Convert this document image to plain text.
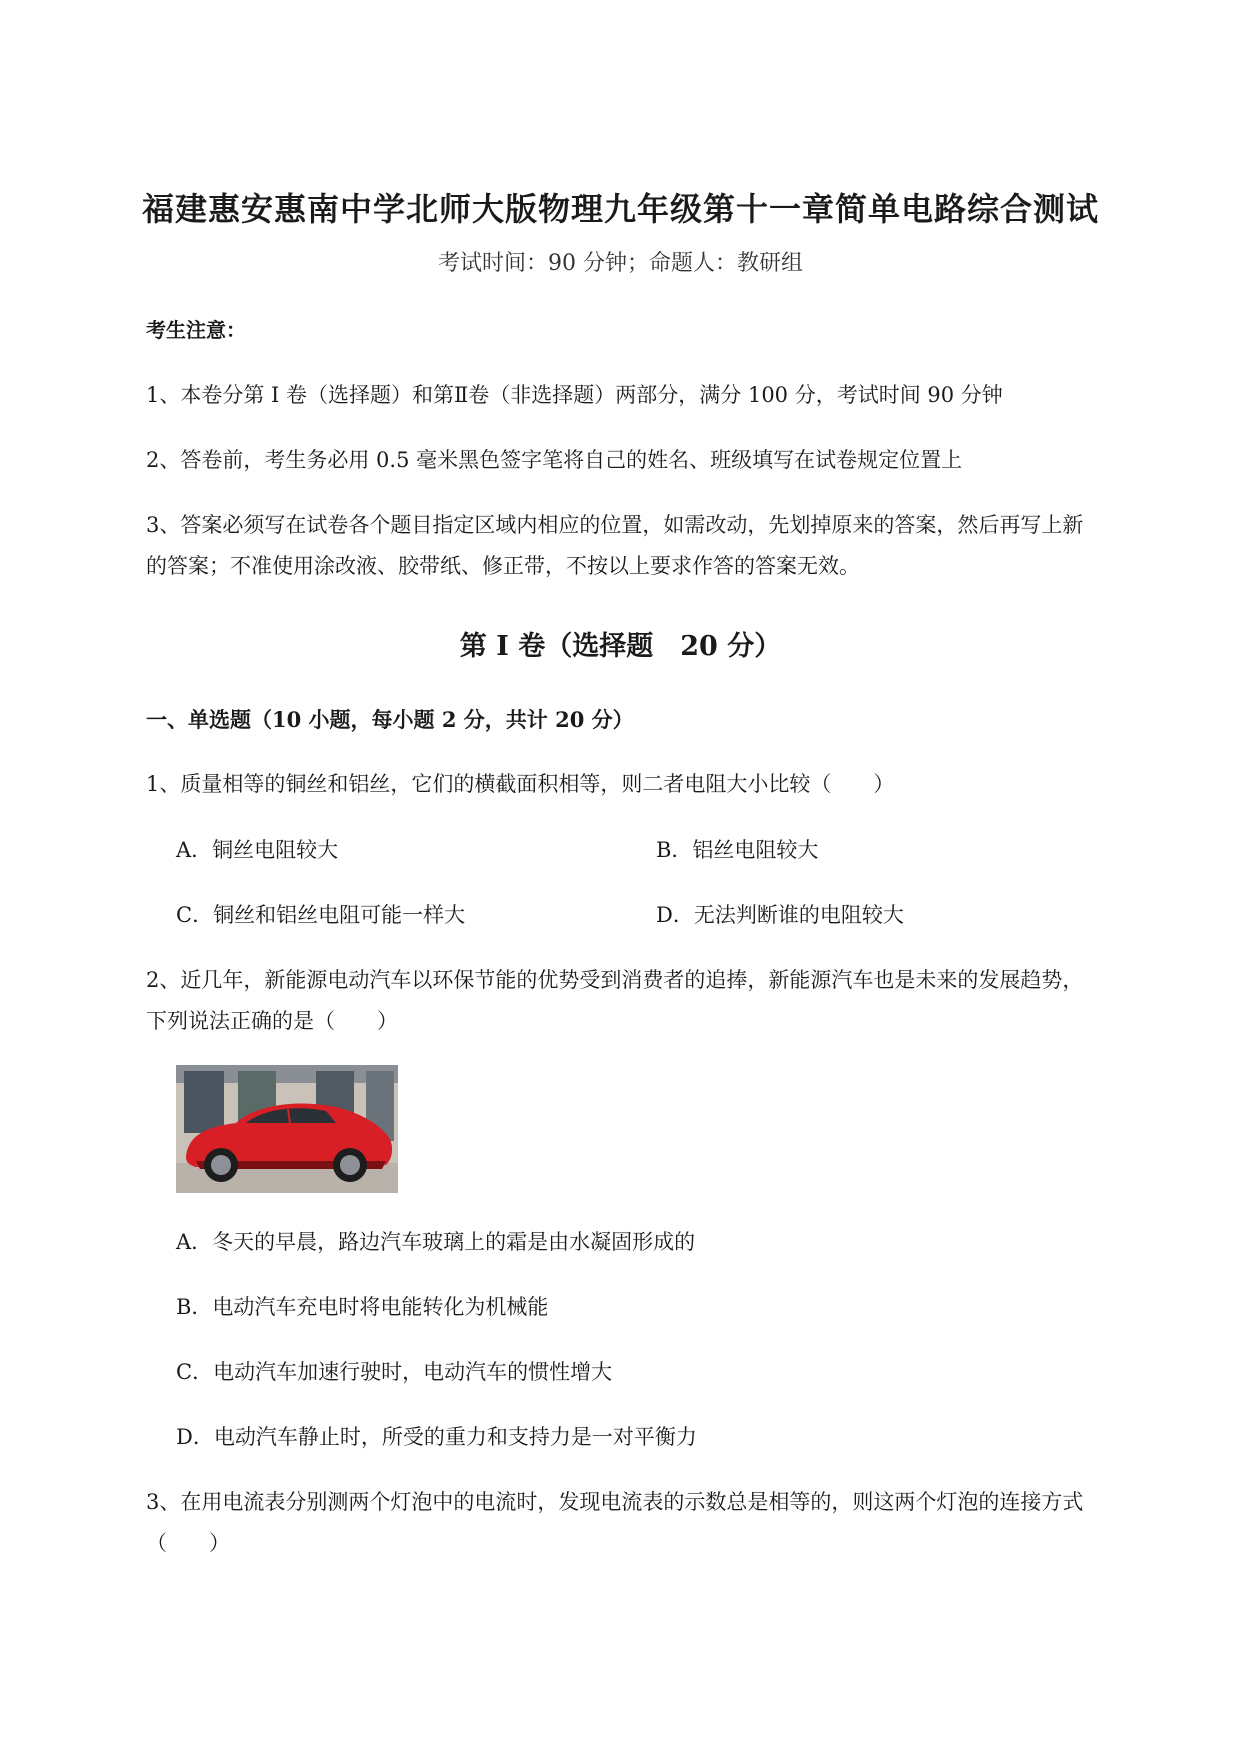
福建惠安惠南中学北师大版物理九年级第十一章简单电路综合测试
考试时间：90 分钟；命题人：教研组
考生注意：
1、本卷分第 I 卷（选择题）和第Ⅱ卷（非选择题）两部分，满分 100 分，考试时间 90 分钟
2、答卷前，考生务必用 0.5 毫米黑色签字笔将自己的姓名、班级填写在试卷规定位置上
3、答案必须写在试卷各个题目指定区域内相应的位置，如需改动，先划掉原来的答案，然后再写上新
的答案；不准使用涂改液、胶带纸、修正带，不按以上要求作答的答案无效。
第 I 卷（选择题　20 分）
一、单选题（10 小题，每小题 2 分，共计 20 分）
1、质量相等的铜丝和铝丝，它们的横截面积相等，则二者电阻大小比较（　　）
A．铜丝电阻较大	B．铝丝电阻较大
C．铜丝和铝丝电阻可能一样大	D．无法判断谁的电阻较大
2、近几年，新能源电动汽车以环保节能的优势受到消费者的追捧，新能源汽车也是未来的发展趋势，
下列说法正确的是（　　）
A．冬天的早晨，路边汽车玻璃上的霜是由水凝固形成的
B．电动汽车充电时将电能转化为机械能
C．电动汽车加速行驶时，电动汽车的惯性增大
D．电动汽车静止时，所受的重力和支持力是一对平衡力
3、在用电流表分别测两个灯泡中的电流时，发现电流表的示数总是相等的，则这两个灯泡的连接方式
（　　）
